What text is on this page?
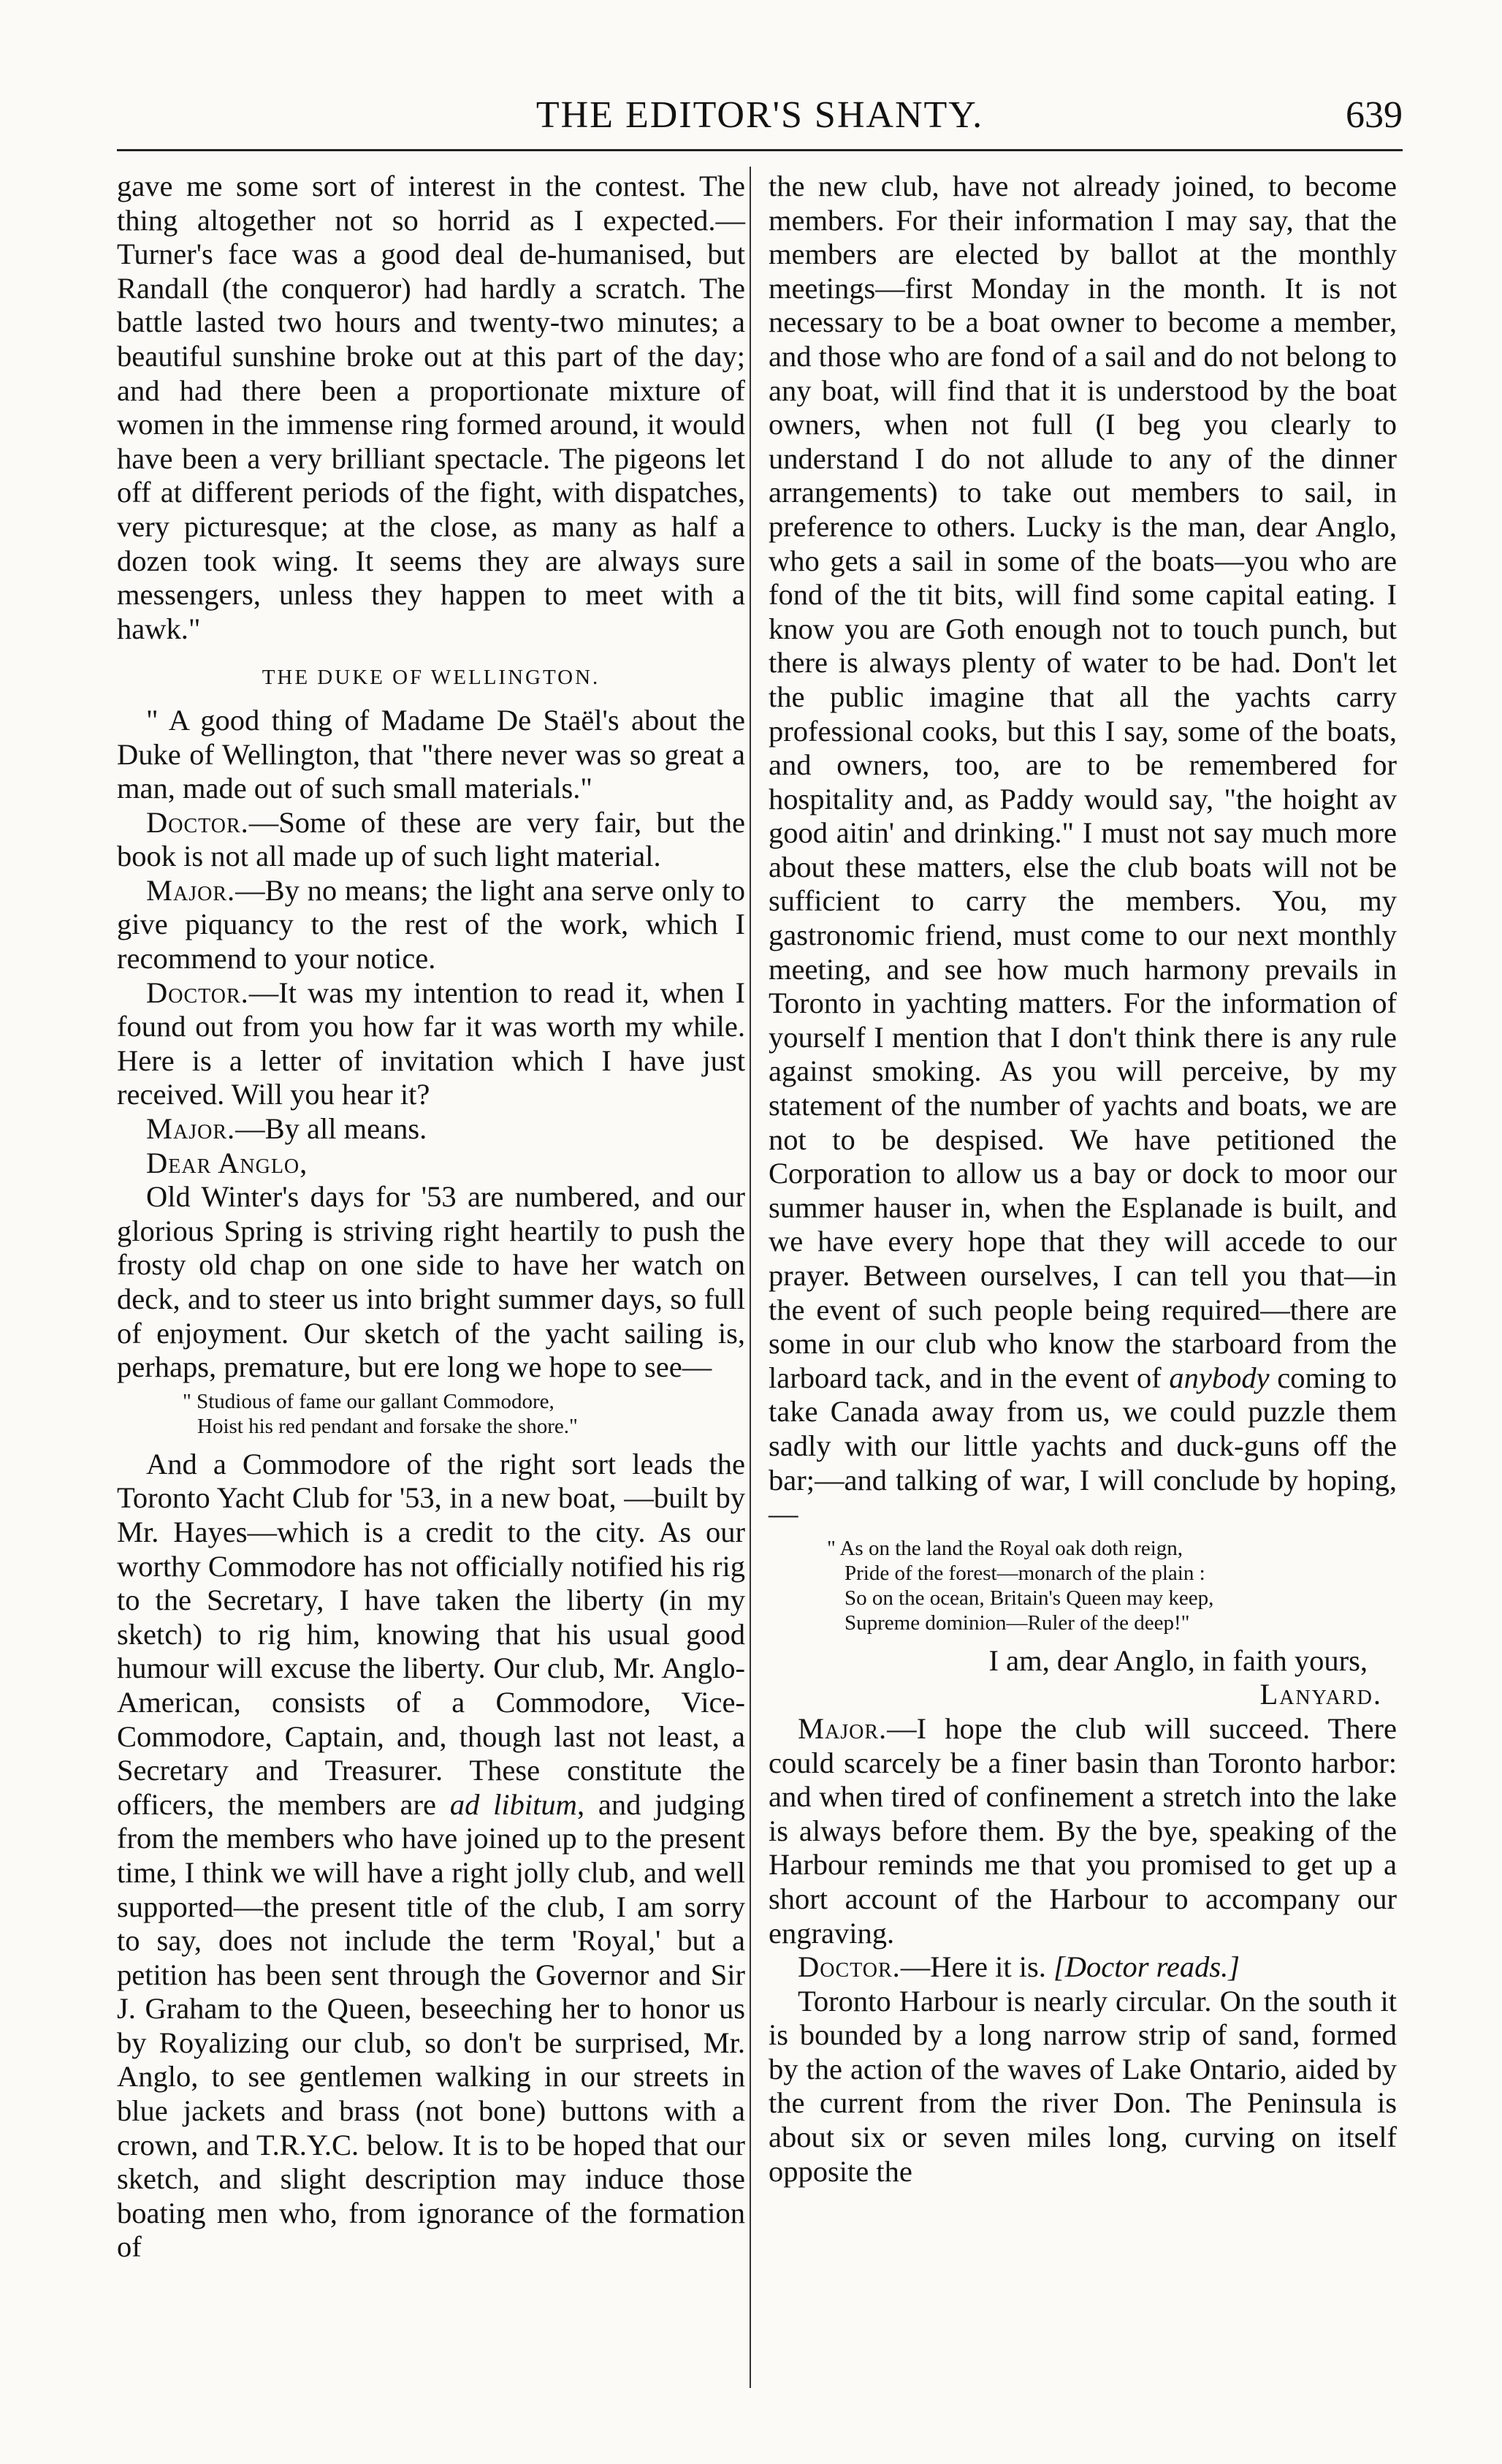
THE EDITOR'S SHANTY.	639

gave me some sort of interest in the contest. The thing altogether not so horrid as I expected.—Turner's face was a good deal de-humanised, but Randall (the conqueror) had hardly a scratch. The battle lasted two hours and twenty-two minutes; a beautiful sunshine broke out at this part of the day; and had there been a proportionate mixture of women in the immense ring formed around, it would have been a very brilliant spectacle. The pigeons let off at different periods of the fight, with dispatches, very picturesque; at the close, as many as half a dozen took wing. It seems they are always sure messengers, unless they happen to meet with a hawk."

THE DUKE OF WELLINGTON.

" A good thing of Madame De Staël's about the Duke of Wellington, that "there never was so great a man, made out of such small materials."

Doctor.—Some of these are very fair, but the book is not all made up of such light material.

Major.—By no means; the light ana serve only to give piquancy to the rest of the work, which I recommend to your notice.

Doctor.—It was my intention to read it, when I found out from you how far it was worth my while. Here is a letter of invitation which I have just received. Will you hear it?

Major.—By all means.

Dear Anglo,

Old Winter's days for '53 are numbered, and our glorious Spring is striving right heartily to push the frosty old chap on one side to have her watch on deck, and to steer us into bright summer days, so full of enjoyment. Our sketch of the yacht sailing is, perhaps, premature, but ere long we hope to see—

" Studious of fame our gallant Commodore,
Hoist his red pendant and forsake the shore."

And a Commodore of the right sort leads the Toronto Yacht Club for '53, in a new boat, —built by Mr. Hayes—which is a credit to the city. As our worthy Commodore has not officially notified his rig to the Secretary, I have taken the liberty (in my sketch) to rig him, knowing that his usual good humour will excuse the liberty. Our club, Mr. Anglo-American, consists of a Commodore, Vice-Commodore, Captain, and, though last not least, a Secretary and Treasurer. These constitute the officers, the members are ad libitum, and judging from the members who have joined up to the present time, I think we will have a right jolly club, and well supported—the present title of the club, I am sorry to say, does not include the term 'Royal,' but a petition has been sent through the Governor and Sir J. Graham to the Queen, beseeching her to honor us by Royalizing our club, so don't be surprised, Mr. Anglo, to see gentlemen walking in our streets in blue jackets and brass (not bone) buttons with a crown, and T.R.Y.C. below. It is to be hoped that our sketch, and slight description may induce those boating men who, from ignorance of the formation of

the new club, have not already joined, to become members. For their information I may say, that the members are elected by ballot at the monthly meetings—first Monday in the month. It is not necessary to be a boat owner to become a member, and those who are fond of a sail and do not belong to any boat, will find that it is understood by the boat owners, when not full (I beg you clearly to understand I do not allude to any of the dinner arrangements) to take out members to sail, in preference to others. Lucky is the man, dear Anglo, who gets a sail in some of the boats—you who are fond of the tit bits, will find some capital eating. I know you are Goth enough not to touch punch, but there is always plenty of water to be had. Don't let the public imagine that all the yachts carry professional cooks, but this I say, some of the boats, and owners, too, are to be remembered for hospitality and, as Paddy would say, "the hoight av good aitin' and drinking." I must not say much more about these matters, else the club boats will not be sufficient to carry the members. You, my gastronomic friend, must come to our next monthly meeting, and see how much harmony prevails in Toronto in yachting matters. For the information of yourself I mention that I don't think there is any rule against smoking. As you will perceive, by my statement of the number of yachts and boats, we are not to be despised. We have petitioned the Corporation to allow us a bay or dock to moor our summer hauser in, when the Esplanade is built, and we have every hope that they will accede to our prayer. Between ourselves, I can tell you that—in the event of such people being required—there are some in our club who know the starboard from the larboard tack, and in the event of anybody coming to take Canada away from us, we could puzzle them sadly with our little yachts and duck-guns off the bar;—and talking of war, I will conclude by hoping,—

" As on the land the Royal oak doth reign,
Pride of the forest—monarch of the plain :
So on the ocean, Britain's Queen may keep,
Supreme dominion—Ruler of the deep!"

I am, dear Anglo, in faith yours,

Lanyard.

Major.—I hope the club will succeed. There could scarcely be a finer basin than Toronto harbor: and when tired of confinement a stretch into the lake is always before them. By the bye, speaking of the Harbour reminds me that you promised to get up a short account of the Harbour to accompany our engraving.

Doctor.—Here it is. [Doctor reads.]

Toronto Harbour is nearly circular. On the south it is bounded by a long narrow strip of sand, formed by the action of the waves of Lake Ontario, aided by the current from the river Don. The Peninsula is about six or seven miles long, curving on itself opposite the
